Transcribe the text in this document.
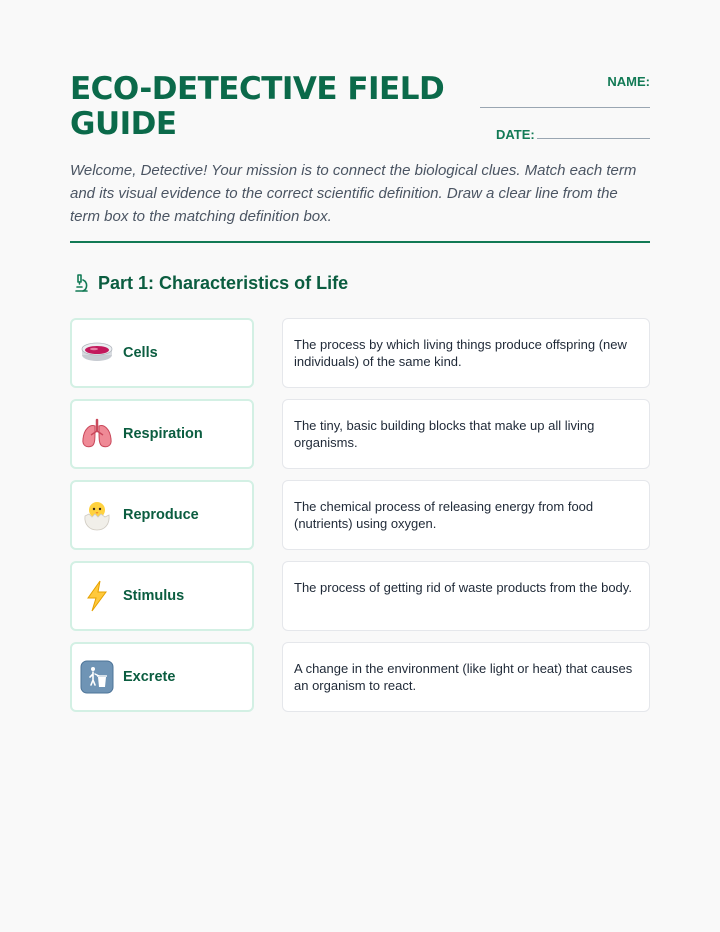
ECO-DETECTIVE FIELD GUIDE
NAME:
DATE:
Welcome, Detective! Your mission is to connect the biological clues. Match each term and its visual evidence to the correct scientific definition. Draw a clear line from the term box to the matching definition box.
Part 1: Characteristics of Life
Cells
Respiration
Reproduce
Stimulus
Excrete
The process by which living things produce offspring (new individuals) of the same kind.
The tiny, basic building blocks that make up all living organisms.
The chemical process of releasing energy from food (nutrients) using oxygen.
The process of getting rid of waste products from the body.
A change in the environment (like light or heat) that causes an organism to react.
